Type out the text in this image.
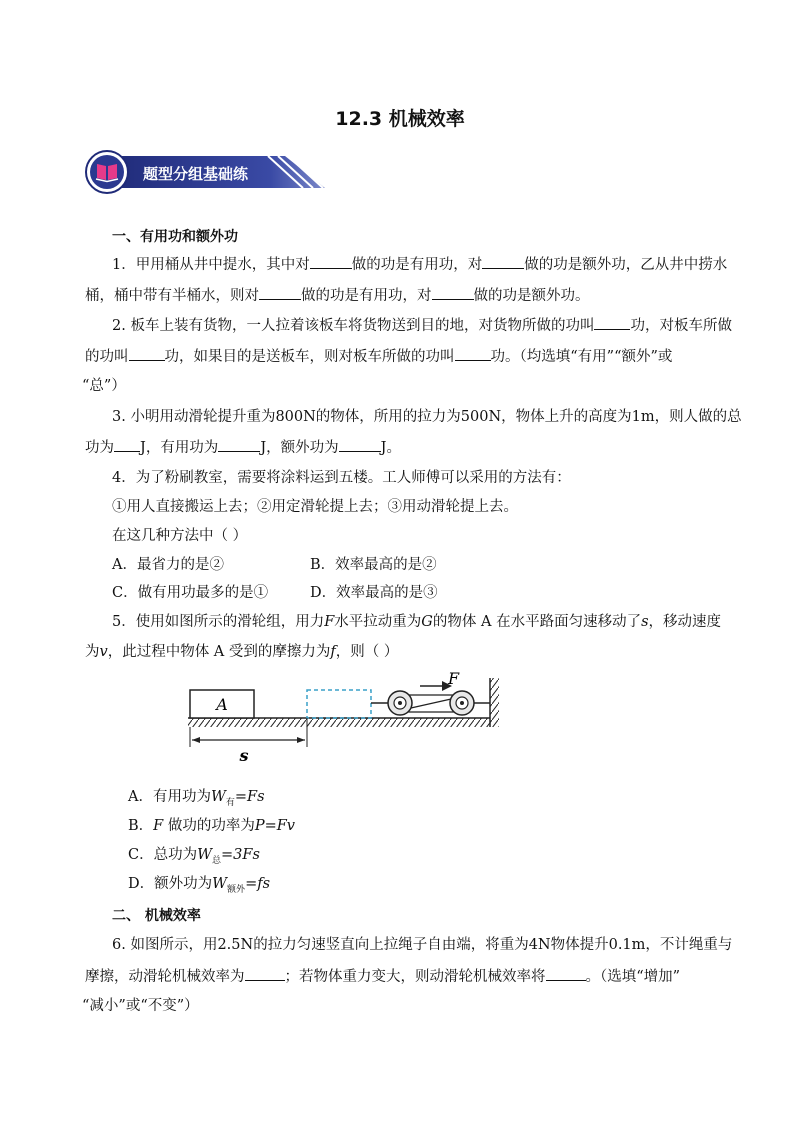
12.3 机械效率
题型分组基础练
一、有用功和额外功
1．甲用桶从井中提水，其中对	做的功是有用功，对	做的功是额外功，乙从井中捞水
桶，桶中带有半桶水，则对	做的功是有用功，对	做的功是额外功。
2. 板车上装有货物，一人拉着该板车将货物送到目的地，对货物所做的功叫 功，对板车所做
的功叫 功，如果目的是送板车，则对板车所做的功叫 功。（均选填“有用”“额外”或
“总”）
3. 小明用动滑轮提升重为800N的物体，所用的拉力为500N，物体上升的高度为1m，则人做的总
功为 J，有用功为	J，额外功为	J。
4．为了粉刷教室，需要将涂料运到五楼。工人师傅可以采用的方法有：
①用人直接搬运上去；②用定滑轮提上去；③用动滑轮提上去。
在这几种方法中（ ）
A．最省力的是②	B．效率最高的是②
C．做有用功最多的是①	D．效率最高的是③
5．使用如图所示的滑轮组，用力F水平拉动重为G的物体 A 在水平路面匀速移动了s，移动速度
为v，此过程中物体 A 受到的摩擦力为f，则（ ）
A
F
s
A．有用功为$W_有=Fs$
B．F 做功的功率为P=Fv
C．总功为$W_总=3Fs$
D．额外功为$W_{额外}=fs$
二、 机械效率
6. 如图所示，用2.5N的拉力匀速竖直向上拉绳子自由端，将重为4N物体提升0.1m，不计绳重与
摩擦，动滑轮机械效率为	；若物体重力变大，则动滑轮机械效率将	。（选填“增加”
“减小”或“不变”）
